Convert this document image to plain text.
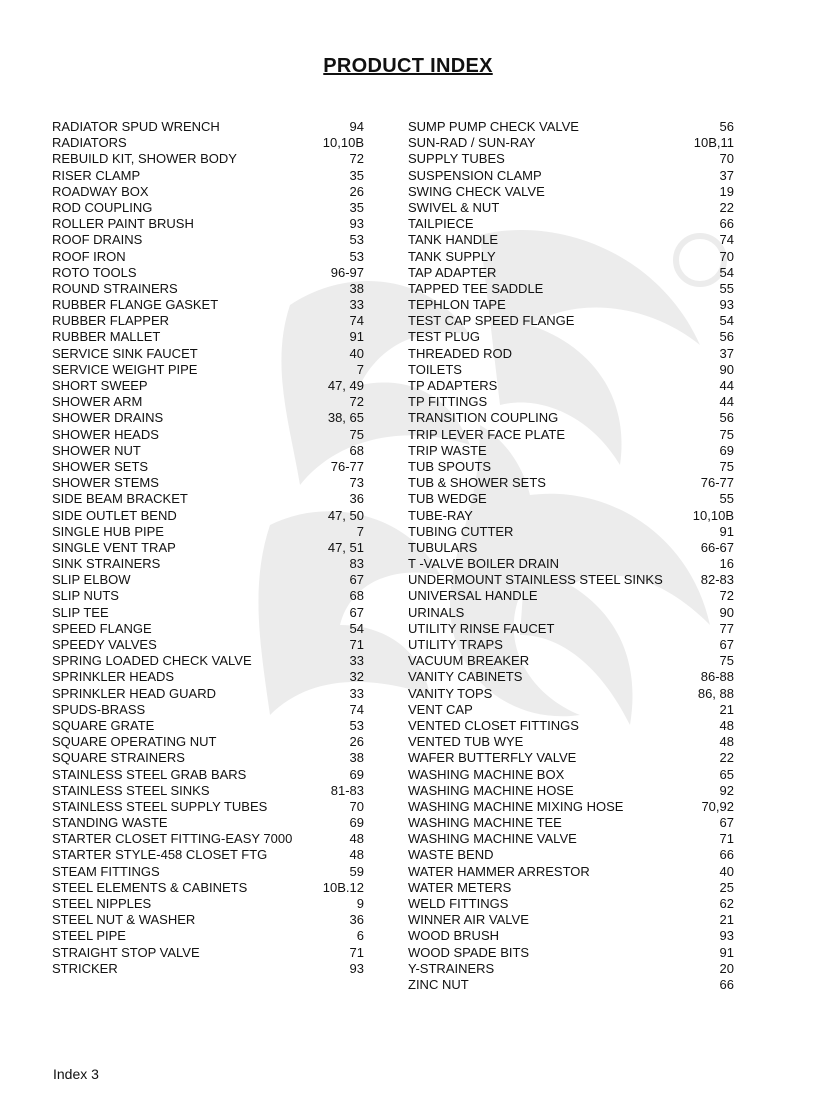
PRODUCT INDEX
RADIATOR SPUD WRENCH	94
RADIATORS	10,10B
REBUILD KIT, SHOWER BODY	72
RISER CLAMP	35
ROADWAY BOX	26
ROD COUPLING	35
ROLLER PAINT BRUSH	93
ROOF DRAINS	53
ROOF IRON	53
ROTO TOOLS	96-97
ROUND STRAINERS	38
RUBBER FLANGE GASKET	33
RUBBER FLAPPER	74
RUBBER MALLET	91
SERVICE SINK FAUCET	40
SERVICE WEIGHT PIPE	7
SHORT SWEEP	47, 49
SHOWER ARM	72
SHOWER DRAINS	38, 65
SHOWER HEADS	75
SHOWER NUT	68
SHOWER SETS	76-77
SHOWER STEMS	73
SIDE BEAM BRACKET	36
SIDE OUTLET BEND	47, 50
SINGLE HUB PIPE	7
SINGLE VENT TRAP	47, 51
SINK STRAINERS	83
SLIP ELBOW	67
SLIP NUTS	68
SLIP TEE	67
SPEED FLANGE	54
SPEEDY VALVES	71
SPRING LOADED CHECK VALVE	33
SPRINKLER HEADS	32
SPRINKLER HEAD GUARD	33
SPUDS-BRASS	74
SQUARE GRATE	53
SQUARE OPERATING NUT	26
SQUARE STRAINERS	38
STAINLESS STEEL GRAB BARS	69
STAINLESS STEEL SINKS	81-83
STAINLESS STEEL SUPPLY TUBES	70
STANDING WASTE	69
STARTER CLOSET FITTING-EASY 7000	48
STARTER STYLE-458 CLOSET FTG	48
STEAM FITTINGS	59
STEEL ELEMENTS & CABINETS	10B.12
STEEL NIPPLES	9
STEEL NUT & WASHER	36
STEEL PIPE	6
STRAIGHT STOP VALVE	71
STRICKER	93
SUMP PUMP CHECK VALVE	56
SUN-RAD / SUN-RAY	10B,11
SUPPLY TUBES	70
SUSPENSION CLAMP	37
SWING CHECK VALVE	19
SWIVEL & NUT	22
TAILPIECE	66
TANK HANDLE	74
TANK SUPPLY	70
TAP ADAPTER	54
TAPPED TEE SADDLE	55
TEPHLON TAPE	93
TEST CAP SPEED FLANGE	54
TEST PLUG	56
THREADED ROD	37
TOILETS	90
TP ADAPTERS	44
TP FITTINGS	44
TRANSITION COUPLING	56
TRIP LEVER FACE PLATE	75
TRIP WASTE	69
TUB SPOUTS	75
TUB & SHOWER SETS	76-77
TUB WEDGE	55
TUBE-RAY	10,10B
TUBING CUTTER	91
TUBULARS	66-67
T -VALVE BOILER DRAIN	16
UNDERMOUNT STAINLESS STEEL SINKS	82-83
UNIVERSAL HANDLE	72
URINALS	90
UTILITY RINSE FAUCET	77
UTILITY TRAPS	67
VACUUM BREAKER	75
VANITY CABINETS	86-88
VANITY TOPS	86, 88
VENT CAP	21
VENTED CLOSET FITTINGS	48
VENTED TUB WYE	48
WAFER BUTTERFLY VALVE	22
WASHING MACHINE BOX	65
WASHING MACHINE HOSE	92
WASHING MACHINE MIXING HOSE	70,92
WASHING MACHINE TEE	67
WASHING MACHINE VALVE	71
WASTE BEND	66
WATER HAMMER ARRESTOR	40
WATER METERS	25
WELD FITTINGS	62
WINNER AIR VALVE	21
WOOD BRUSH	93
WOOD SPADE BITS	91
Y-STRAINERS	20
ZINC NUT	66
Index 3
